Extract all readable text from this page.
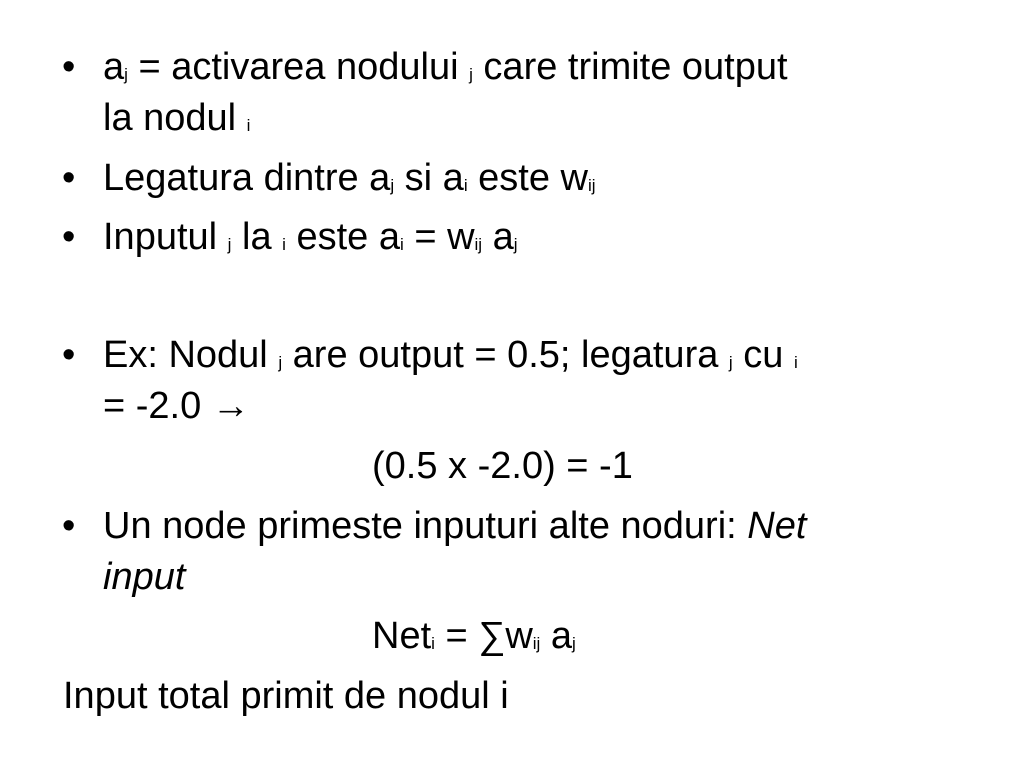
• aj = activarea nodului j care trimite output
la nodul i
• Legatura dintre aj si ai este wij
• Inputul j la i este ai = wij aj
• Ex: Nodul j are output = 0.5; legatura j cu i
= -2.0 →
(0.5 x -2.0) = -1
• Un node primeste inputuri alte noduri: Net
input
Neti = ∑wij aj
Input total primit de nodul i
